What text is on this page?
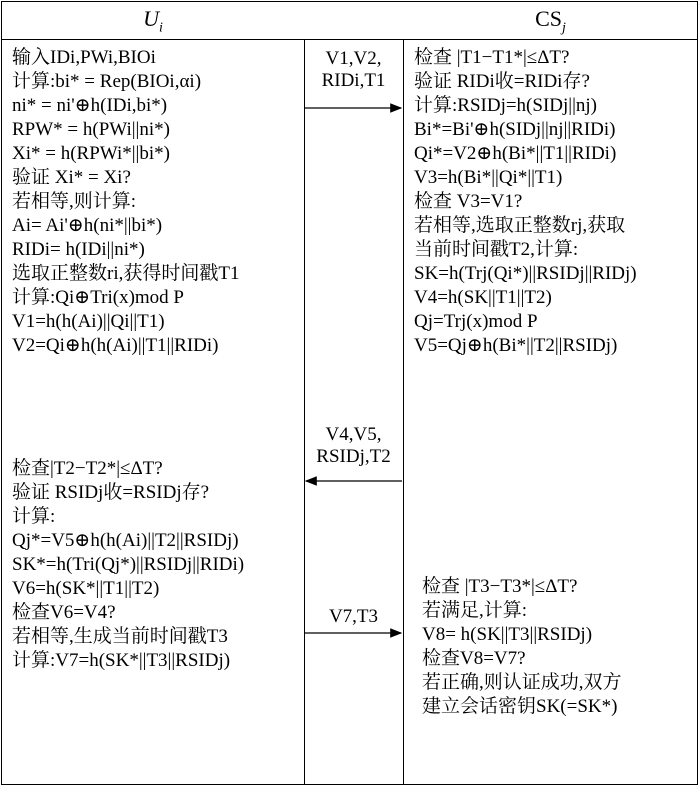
$U_i$	$CS_j$
输入IDi,PWi,BIOi
计算:bi* = Rep(BIOi,αi)
ni* = ni'⊕h(IDi,bi*)
RPW* = h(PWi||ni*)
Xi* = h(RPWi*||bi*)
验证 Xi* = Xi?
若相等,则计算:
Ai= Ai'⊕h(ni*||bi*)
RIDi= h(IDi||ni*)
选取正整数ri,获得时间戳T1
计算:Qi⊕Tri(x)mod P
V1=h(h(Ai)||Qi||T1)
V2=Qi⊕h(h(Ai)||T1||RIDi)
检查|T2−T2*|≤ΔT?
验证 RSIDj收=RSIDj存?
计算:
Qj*=V5⊕h(h(Ai)||T2||RSIDj)
SK*=h(Tri(Qj*)||RSIDj||RIDi)
V6=h(SK*||T1||T2)
检查V6=V4?
若相等,生成当前时间戳T3
计算:V7=h(SK*||T3||RSIDj)
检查 |T1−T1*|≤ΔT?
验证 RIDi收=RIDi存?
计算:RSIDj=h(SIDj||nj)
Bi*=Bi'⊕h(SIDj||nj||RIDi)
Qi*=V2⊕h(Bi*||T1||RIDi)
V3=h(Bi*||Qi*||T1)
检查 V3=V1?
若相等,选取正整数rj,获取
当前时间戳T2,计算:
SK=h(Trj(Qi*)||RSIDj||RIDj)
V4=h(SK||T1||T2)
Qj=Trj(x)mod P
V5=Qj⊕h(Bi*||T2||RSIDj)
检查 |T3−T3*|≤ΔT?
若满足,计算:
V8= h(SK||T3||RSIDj)
检查V8=V7?
若正确,则认证成功,双方
建立会话密钥SK(=SK*)
V1,V2,
RIDi,T1
V4,V5,
RSIDj,T2
V7,T3
